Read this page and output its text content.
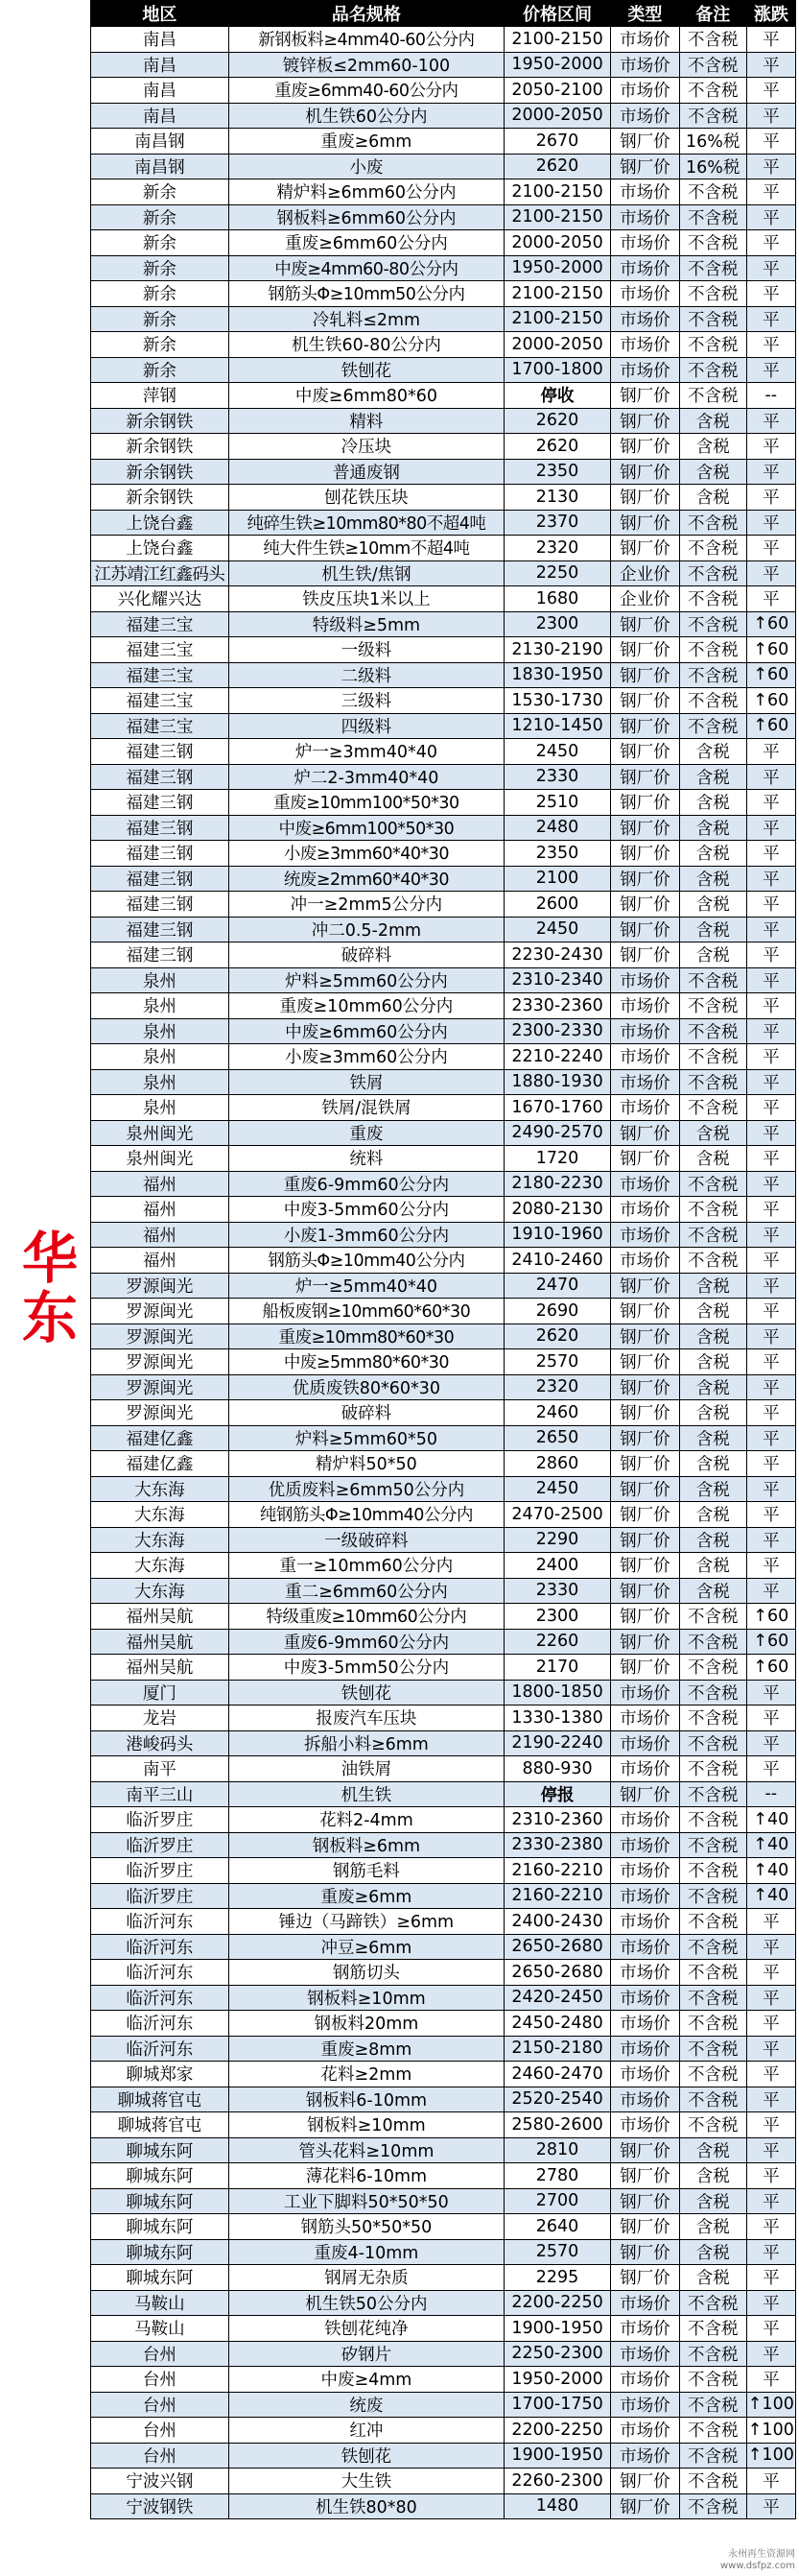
华东
地区	品名规格	价格区间	类型	备注	涨跌
南昌	新钢板料≥4mm40-60公分内	2100-2150	市场价	不含税	平
南昌	镀锌板≤2mm60-100	1950-2000	市场价	不含税	平
南昌	重废≥6mm40-60公分内	2050-2100	市场价	不含税	平
南昌	机生铁60公分内	2000-2050	市场价	不含税	平
南昌钢	重废≥6mm	2670	钢厂价	16%税	平
南昌钢	小废	2620	钢厂价	16%税	平
新余	精炉料≥6mm60公分内	2100-2150	市场价	不含税	平
新余	钢板料≥6mm60公分内	2100-2150	市场价	不含税	平
新余	重废≥6mm60公分内	2000-2050	市场价	不含税	平
新余	中废≥4mm60-80公分内	1950-2000	市场价	不含税	平
新余	钢筋头Φ≥10mm50公分内	2100-2150	市场价	不含税	平
新余	冷轧料≤2mm	2100-2150	市场价	不含税	平
新余	机生铁60-80公分内	2000-2050	市场价	不含税	平
新余	铁刨花	1700-1800	市场价	不含税	平
萍钢	中废≥6mm80*60	停收	钢厂价	不含税	--
新余钢铁	精料	2620	钢厂价	含税	平
新余钢铁	冷压块	2620	钢厂价	含税	平
新余钢铁	普通废钢	2350	钢厂价	含税	平
新余钢铁	刨花铁压块	2130	钢厂价	含税	平
上饶台鑫	纯碎生铁≥10mm80*80不超4吨	2370	钢厂价	不含税	平
上饶台鑫	纯大件生铁≥10mm不超4吨	2320	钢厂价	不含税	平
江苏靖江红鑫码头	机生铁/焦钢	2250	企业价	不含税	平
兴化耀兴达	铁皮压块1米以上	1680	企业价	不含税	平
福建三宝	特级料≥5mm	2300	钢厂价	不含税	↑60
福建三宝	一级料	2130-2190	钢厂价	不含税	↑60
福建三宝	二级料	1830-1950	钢厂价	不含税	↑60
福建三宝	三级料	1530-1730	钢厂价	不含税	↑60
福建三宝	四级料	1210-1450	钢厂价	不含税	↑60
福建三钢	炉一≥3mm40*40	2450	钢厂价	含税	平
福建三钢	炉二2-3mm40*40	2330	钢厂价	含税	平
福建三钢	重废≥10mm100*50*30	2510	钢厂价	含税	平
福建三钢	中废≥6mm100*50*30	2480	钢厂价	含税	平
福建三钢	小废≥3mm60*40*30	2350	钢厂价	含税	平
福建三钢	统废≥2mm60*40*30	2100	钢厂价	含税	平
福建三钢	冲一≥2mm5公分内	2600	钢厂价	含税	平
福建三钢	冲二0.5-2mm	2450	钢厂价	含税	平
福建三钢	破碎料	2230-2430	钢厂价	含税	平
泉州	炉料≥5mm60公分内	2310-2340	市场价	不含税	平
泉州	重废≥10mm60公分内	2330-2360	市场价	不含税	平
泉州	中废≥6mm60公分内	2300-2330	市场价	不含税	平
泉州	小废≥3mm60公分内	2210-2240	市场价	不含税	平
泉州	铁屑	1880-1930	市场价	不含税	平
泉州	铁屑/混铁屑	1670-1760	市场价	不含税	平
泉州闽光	重废	2490-2570	钢厂价	含税	平
泉州闽光	统料	1720	钢厂价	含税	平
福州	重废6-9mm60公分内	2180-2230	市场价	不含税	平
福州	中废3-5mm60公分内	2080-2130	市场价	不含税	平
福州	小废1-3mm60公分内	1910-1960	市场价	不含税	平
福州	钢筋头Φ≥10mm40公分内	2410-2460	市场价	不含税	平
罗源闽光	炉一≥5mm40*40	2470	钢厂价	含税	平
罗源闽光	船板废钢≥10mm60*60*30	2690	钢厂价	含税	平
罗源闽光	重废≥10mm80*60*30	2620	钢厂价	含税	平
罗源闽光	中废≥5mm80*60*30	2570	钢厂价	含税	平
罗源闽光	优质废铁80*60*30	2320	钢厂价	含税	平
罗源闽光	破碎料	2460	钢厂价	含税	平
福建亿鑫	炉料≥5mm60*50	2650	钢厂价	含税	平
福建亿鑫	精炉料50*50	2860	钢厂价	含税	平
大东海	优质废料≥6mm50公分内	2450	钢厂价	含税	平
大东海	纯钢筋头Φ≥10mm40公分内	2470-2500	钢厂价	含税	平
大东海	一级破碎料	2290	钢厂价	含税	平
大东海	重一≥10mm60公分内	2400	钢厂价	含税	平
大东海	重二≥6mm60公分内	2330	钢厂价	含税	平
福州吴航	特级重废≥10mm60公分内	2300	钢厂价	不含税	↑60
福州吴航	重废6-9mm60公分内	2260	钢厂价	不含税	↑60
福州吴航	中废3-5mm50公分内	2170	钢厂价	不含税	↑60
厦门	铁刨花	1800-1850	市场价	不含税	平
龙岩	报废汽车压块	1330-1380	市场价	不含税	平
港峻码头	拆船小料≥6mm	2190-2240	市场价	不含税	平
南平	油铁屑	880-930	市场价	不含税	平
南平三山	机生铁	停报	钢厂价	不含税	--
临沂罗庄	花料2-4mm	2310-2360	市场价	不含税	↑40
临沂罗庄	钢板料≥6mm	2330-2380	市场价	不含税	↑40
临沂罗庄	钢筋毛料	2160-2210	市场价	不含税	↑40
临沂罗庄	重废≥6mm	2160-2210	市场价	不含税	↑40
临沂河东	锤边（马蹄铁）≥6mm	2400-2430	市场价	不含税	平
临沂河东	冲豆≥6mm	2650-2680	市场价	不含税	平
临沂河东	钢筋切头	2650-2680	市场价	不含税	平
临沂河东	钢板料≥10mm	2420-2450	市场价	不含税	平
临沂河东	钢板料20mm	2450-2480	市场价	不含税	平
临沂河东	重废≥8mm	2150-2180	市场价	不含税	平
聊城郑家	花料≥2mm	2460-2470	市场价	不含税	平
聊城蒋官屯	钢板料6-10mm	2520-2540	市场价	不含税	平
聊城蒋官屯	钢板料≥10mm	2580-2600	市场价	不含税	平
聊城东阿	管头花料≥10mm	2810	钢厂价	含税	平
聊城东阿	薄花料6-10mm	2780	钢厂价	含税	平
聊城东阿	工业下脚料50*50*50	2700	钢厂价	含税	平
聊城东阿	钢筋头50*50*50	2640	钢厂价	含税	平
聊城东阿	重废4-10mm	2570	钢厂价	含税	平
聊城东阿	钢屑无杂质	2295	钢厂价	含税	平
马鞍山	机生铁50公分内	2200-2250	市场价	不含税	平
马鞍山	铁刨花纯净	1900-1950	市场价	不含税	平
台州	矽钢片	2250-2300	市场价	不含税	平
台州	中废≥4mm	1950-2000	市场价	不含税	平
台州	统废	1700-1750	市场价	不含税	↑100
台州	红冲	2200-2250	市场价	不含税	↑100
台州	铁刨花	1900-1950	市场价	不含税	↑100
宁波兴钢	大生铁	2260-2300	钢厂价	不含税	平
宁波钢铁	机生铁80*80	1480	钢厂价	不含税	平
永州再生资源网
www.dsfpz.com
